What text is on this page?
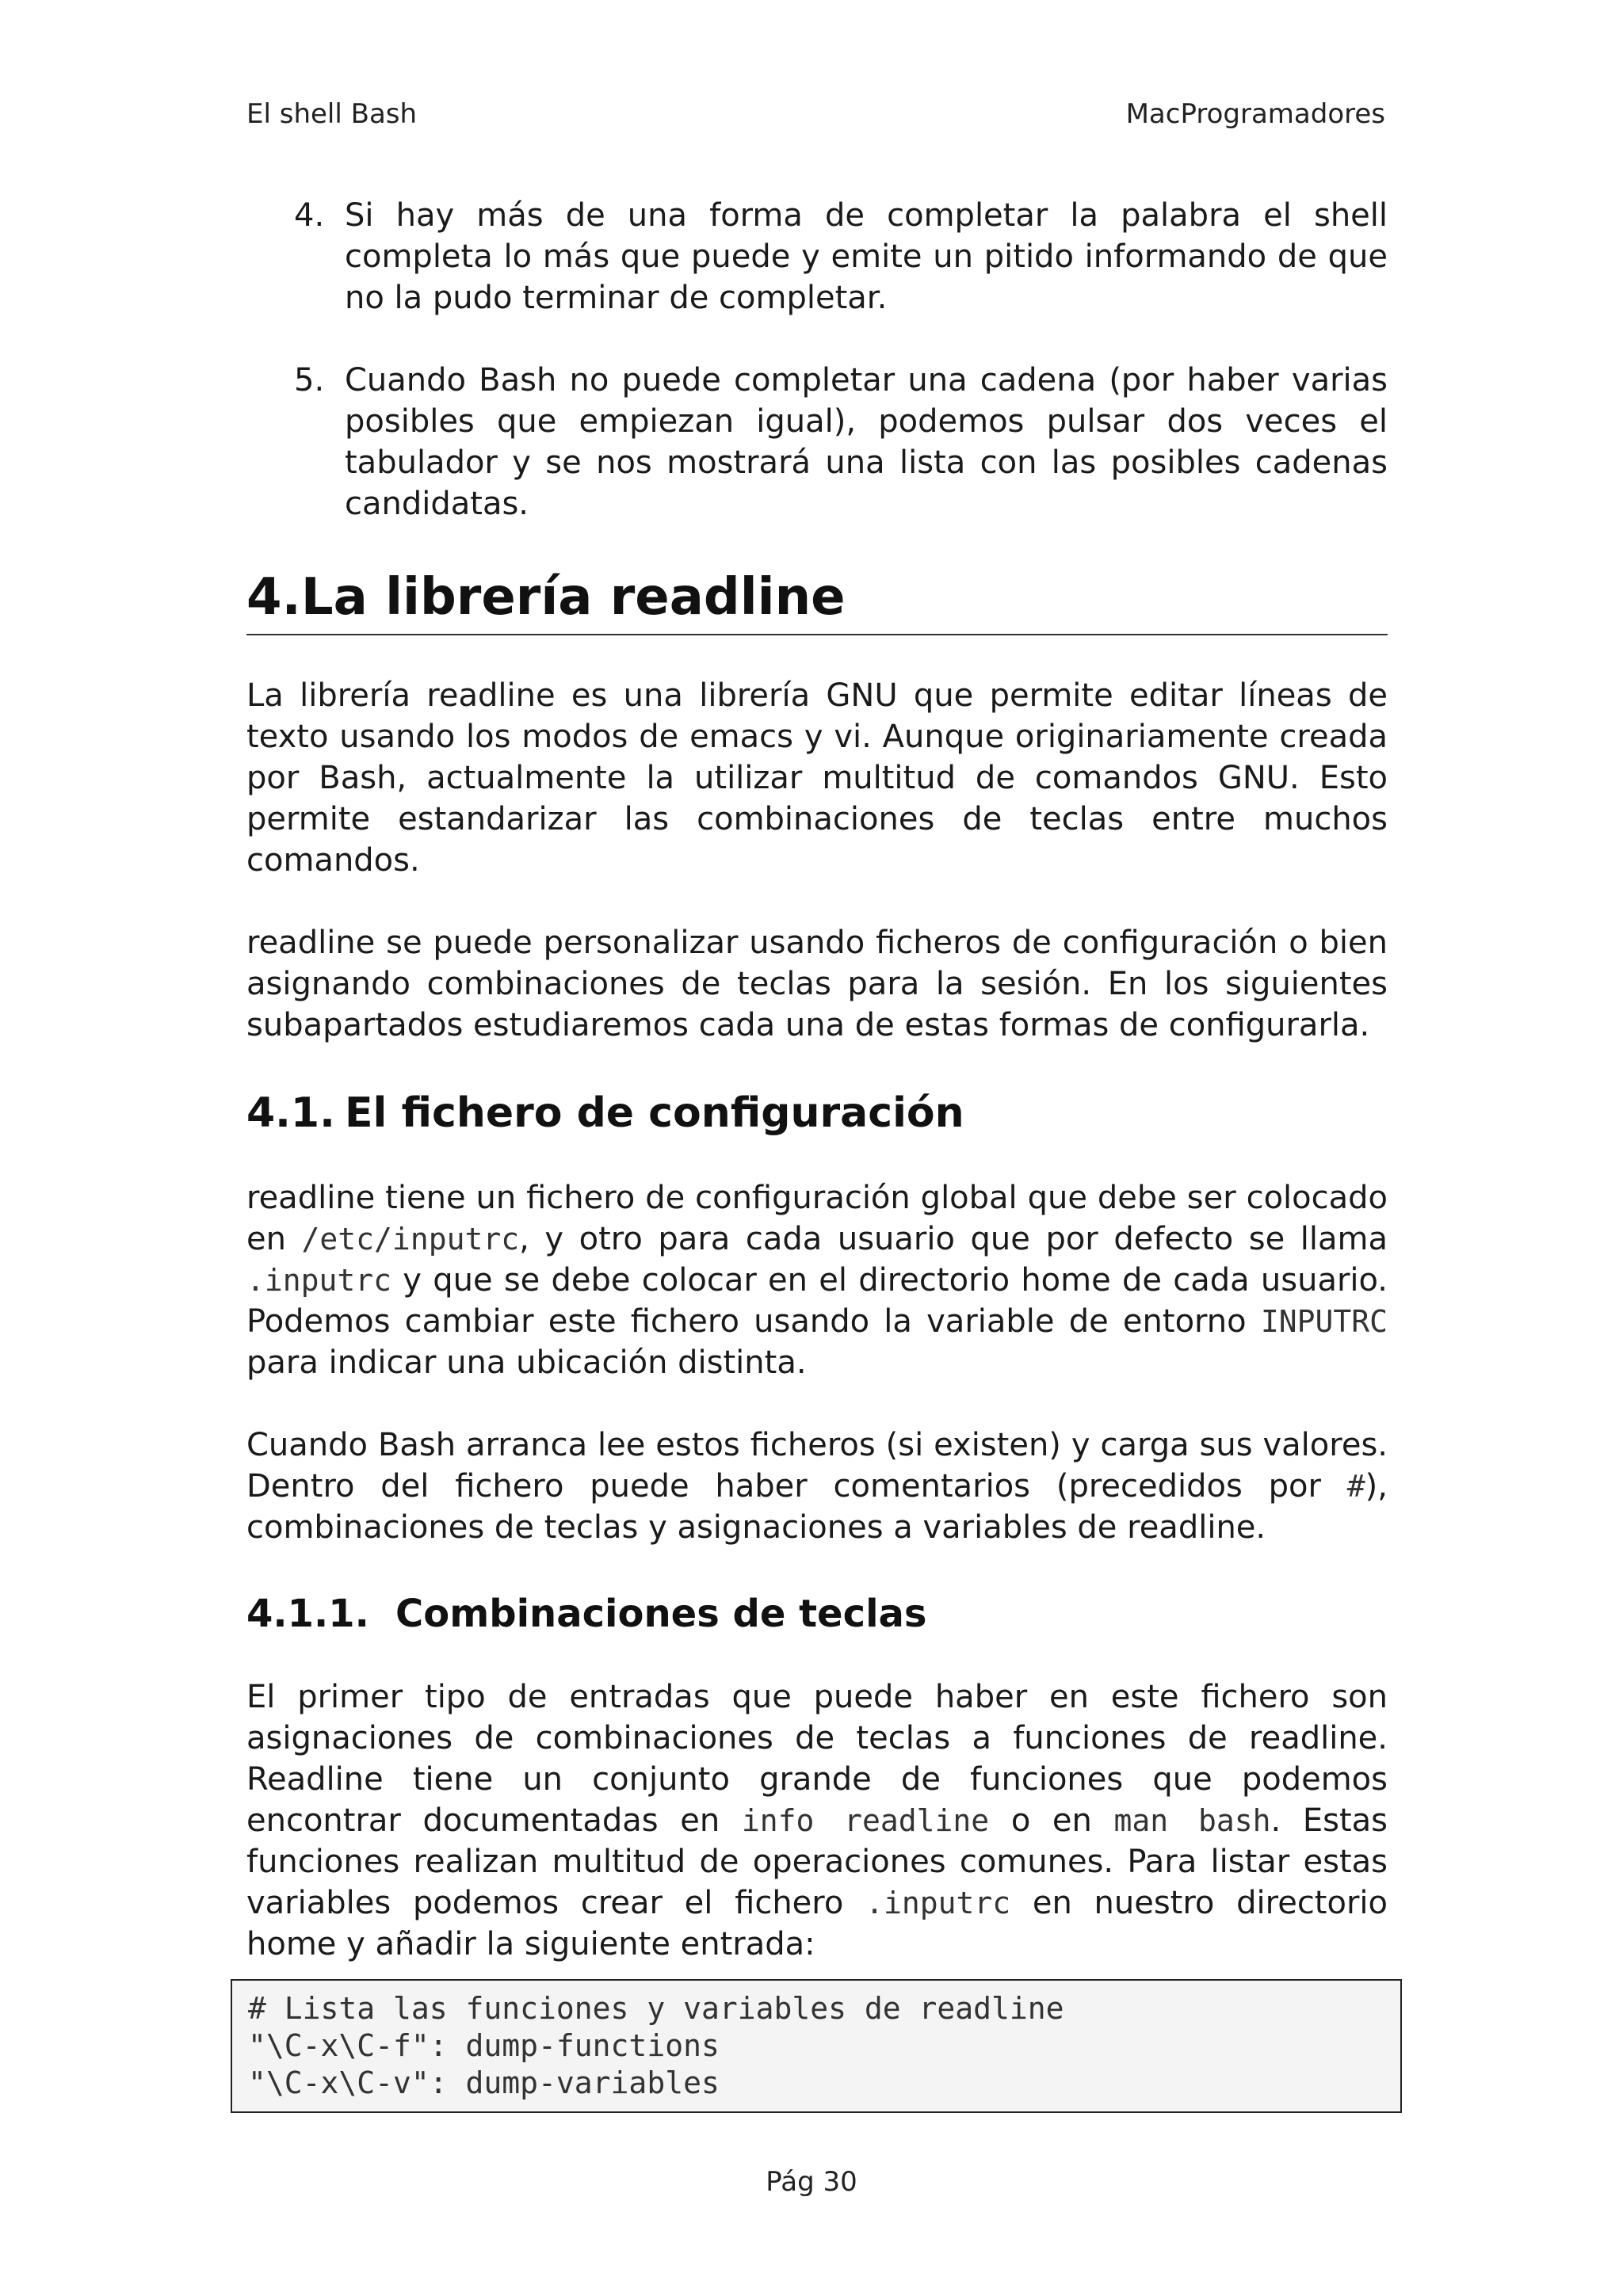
El shell Bash	MacProgramadores
4. Si hay más de una forma de completar la palabra el shell completa lo más que puede y emite un pitido informando de que no la pudo terminar de completar.
5. Cuando Bash no puede completar una cadena (por haber varias posibles que empiezan igual), podemos pulsar dos veces el tabulador y se nos mostrará una lista con las posibles cadenas candidatas.
4.La librería readline

La librería readline es una librería GNU que permite editar líneas de texto usando los modos de emacs y vi. Aunque originariamente creada por Bash, actualmente la utilizar multitud de comandos GNU. Esto permite estandarizar las combinaciones de teclas entre muchos comandos.

readline se puede personalizar usando ficheros de configuración o bien asignando combinaciones de teclas para la sesión. En los siguientes subapartados estudiaremos cada una de estas formas de configurarla.

4.1. El fichero de configuración

readline tiene un fichero de configuración global que debe ser colocado en /etc/inputrc, y otro para cada usuario que por defecto se llama .inputrc y que se debe colocar en el directorio home de cada usuario. Podemos cambiar este fichero usando la variable de entorno INPUTRC para indicar una ubicación distinta.

Cuando Bash arranca lee estos ficheros (si existen) y carga sus valores. Dentro del fichero puede haber comentarios (precedidos por #), combinaciones de teclas y asignaciones a variables de readline.

4.1.1. Combinaciones de teclas

El primer tipo de entradas que puede haber en este fichero son asignaciones de combinaciones de teclas a funciones de readline. Readline tiene un conjunto grande de funciones que podemos encontrar documentadas en info readline o en man bash. Estas funciones realizan multitud de operaciones comunes. Para listar estas variables podemos crear el fichero .inputrc en nuestro directorio home y añadir la siguiente entrada:

# Lista las funciones y variables de readline
"\C-x\C-f": dump-functions
"\C-x\C-v": dump-variables
Pág 30
